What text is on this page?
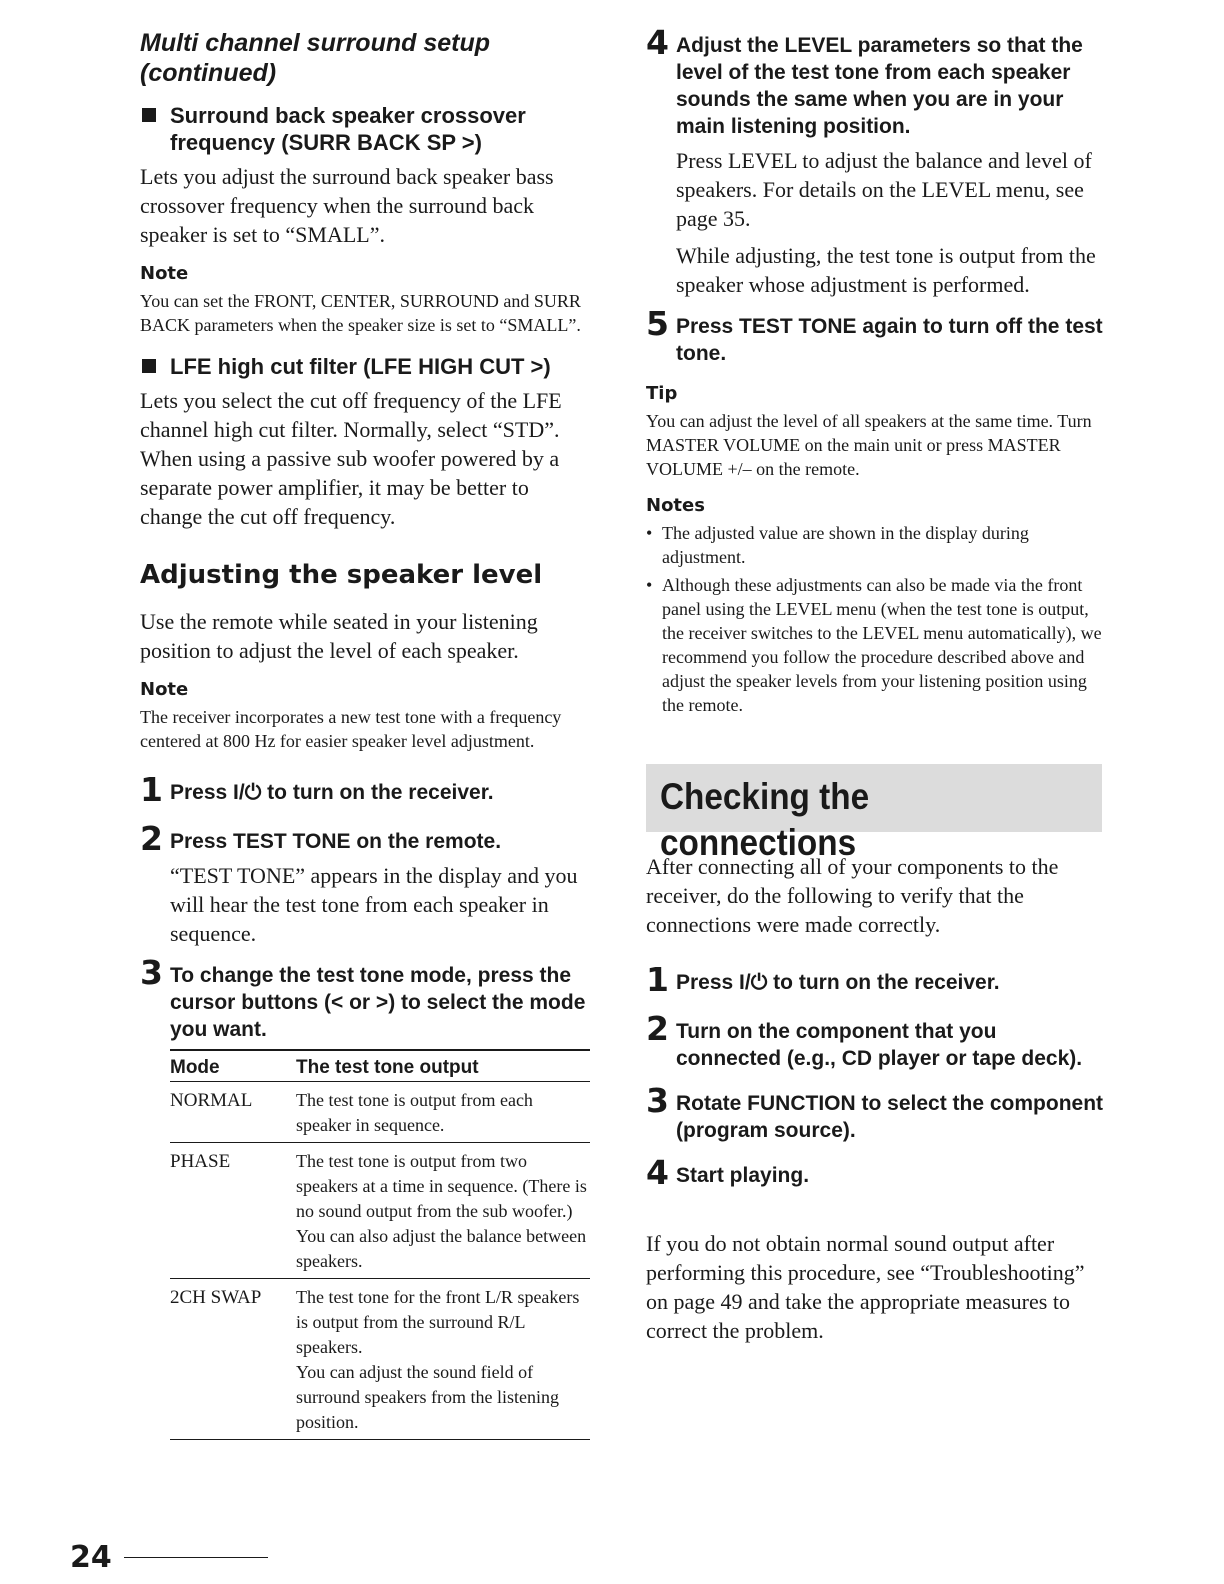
Multi channel surround setup (continued)
Surround back speaker crossover frequency (SURR BACK SP >)

Lets you adjust the surround back speaker bass crossover frequency when the surround back speaker is set to “SMALL”.

Note

You can set the FRONT, CENTER, SURROUND and SURR BACK parameters when the speaker size is set to “SMALL”.

LFE high cut filter (LFE HIGH CUT >)

Lets you select the cut off frequency of the LFE channel high cut filter. Normally, select “STD”. When using a passive sub woofer powered by a separate power amplifier, it may be better to change the cut off frequency.

Adjusting the speaker level

Use the remote while seated in your listening position to adjust the level of each speaker.

Note

The receiver incorporates a new test tone with a frequency centered at 800 Hz for easier speaker level adjustment.

1 Press I/⏻ to turn on the receiver.
2 Press TEST TONE on the remote.

“TEST TONE” appears in the display and you will hear the test tone from each speaker in sequence.

3 To change the test tone mode, press the cursor buttons (< or >) to select the mode you want.
Mode	The test tone output
NORMAL	The test tone is output from each speaker in sequence.
PHASE	The test tone is output from two speakers at a time in sequence. (There is no sound output from the sub woofer.)
You can also adjust the balance between speakers.

2CH SWAP	The test tone for the front L/R speakers is output from the surround R/L speakers.
You can adjust the sound field of surround speakers from the listening position.
4 Adjust the LEVEL parameters so that the level of the test tone from each speaker sounds the same when you are in your main listening position.

Press LEVEL to adjust the balance and level of speakers. For details on the LEVEL menu, see page 35.

While adjusting, the test tone is output from the speaker whose adjustment is performed.

5 Press TEST TONE again to turn off the test tone.
Tip

You can adjust the level of all speakers at the same time. Turn MASTER VOLUME on the main unit or press MASTER VOLUME +/– on the remote.

Notes
• The adjusted value are shown in the display during adjustment.
• Although these adjustments can also be made via the front panel using the LEVEL menu (when the test tone is output, the receiver switches to the LEVEL menu automatically), we recommend you follow the procedure described above and adjust the speaker levels from your listening position using the remote.
Checking the connections

After connecting all of your components to the receiver, do the following to verify that the connections were made correctly.

1 Press I/⏻ to turn on the receiver.
2 Turn on the component that you connected (e.g., CD player or tape deck).
3 Rotate FUNCTION to select the component (program source).
4 Start playing.

If you do not obtain normal sound output after performing this procedure, see “Troubleshooting” on page 49 and take the appropriate measures to correct the problem.

24
